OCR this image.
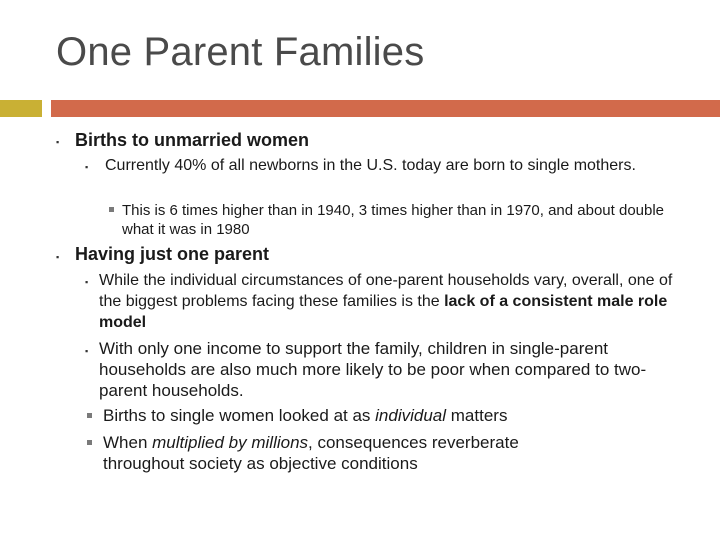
One Parent Families
▪ Births to unmarried women
▪	Currently 40% of all newborns in the U.S. today are born to single mothers.
This is 6 times higher than in 1940, 3 times higher than in 1970, and about double what it was in 1980
▪ Having just one parent
▪ While the individual circumstances of one-parent households vary, overall, one of the biggest problems facing these families is the lack of a consistent male role model
▪ With only one income to support the family, children in single-parent households are also much more likely to be poor when compared to two-parent households.
Births to single women looked at as individual matters
When multiplied by millions, consequences reverberate throughout society as objective conditions
